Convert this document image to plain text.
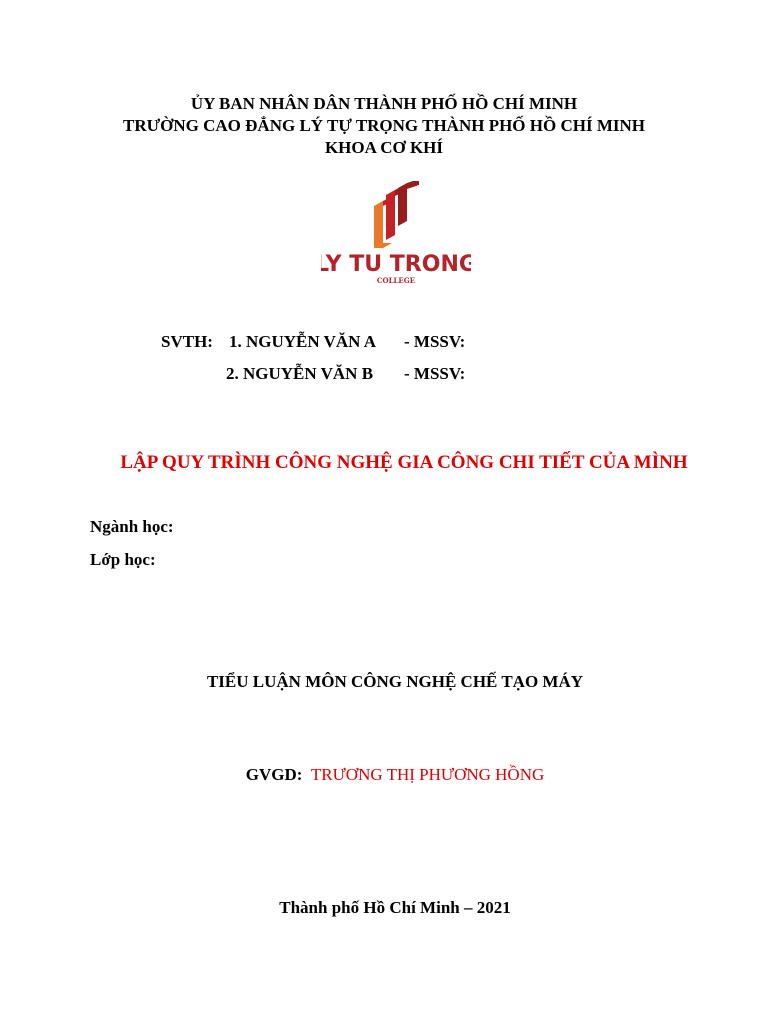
ỦY BAN NHÂN DÂN THÀNH PHỐ HỒ CHÍ MINH
TRƯỜNG CAO ĐẲNG LÝ TỰ TRỌNG THÀNH PHỐ HỒ CHÍ MINH
KHOA CƠ KHÍ
LY TU TRONG
COLLEGE
SVTH: 1. NGUYỄN VĂN A - MSSV:
2. NGUYỄN VĂN B - MSSV:
LẬP QUY TRÌNH CÔNG NGHỆ GIA CÔNG CHI TIẾT CỦA MÌNH
Ngành học:
Lớp học:
TIỂU LUẬN MÔN CÔNG NGHỆ CHẾ TẠO MÁY
GVGD: TRƯƠNG THỊ PHƯƠNG HỒNG
Thành phố Hồ Chí Minh – 2021
